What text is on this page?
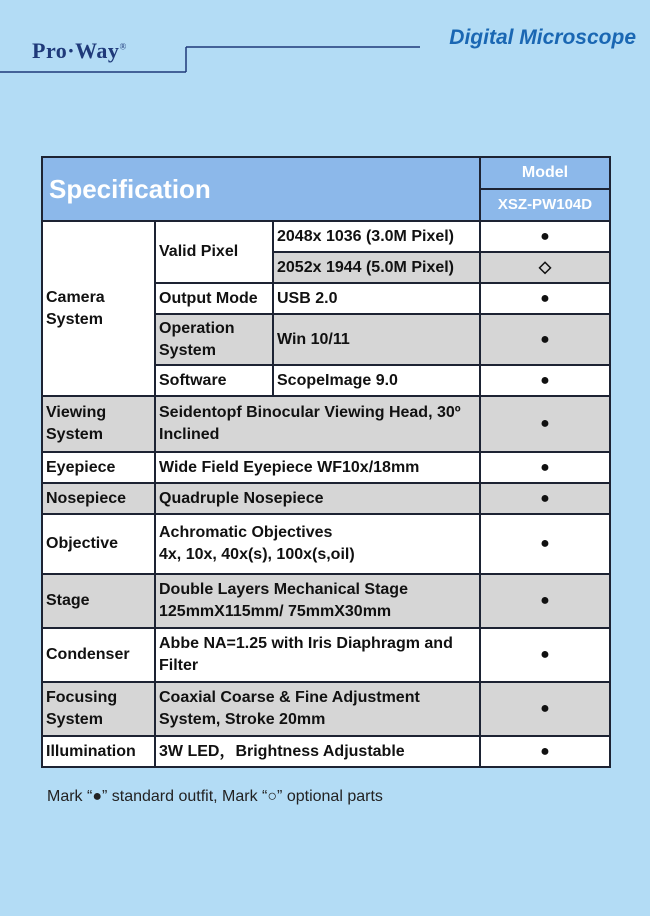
Pro·Way®	Digital Microscope
Specification			Model
			XSZ-PW104D
Camera System	Valid Pixel	2048x 1036 (3.0M Pixel)	●
		2052x 1944 (5.0M Pixel)	◇
	Output Mode	USB 2.0	●
	Operation System	Win 10/11	●
	Software	ScopeImage 9.0	●
Viewing System	Seidentopf Binocular Viewing Head, 30º Inclined		●
Eyepiece	Wide Field Eyepiece WF10x/18mm		●
Nosepiece	Quadruple Nosepiece		●
Objective	Achromatic Objectives
4x, 10x, 40x(s), 100x(s,oil)		●
Stage	Double Layers Mechanical Stage
125mmX115mm/ 75mmX30mm		●
Condenser	Abbe NA=1.25 with Iris Diaphragm and Filter		●
Focusing System	Coaxial Coarse & Fine Adjustment System, Stroke 20mm		●
Illumination	3W LED，Brightness Adjustable		●
Mark “●” standard outfit, Mark “○” optional parts
